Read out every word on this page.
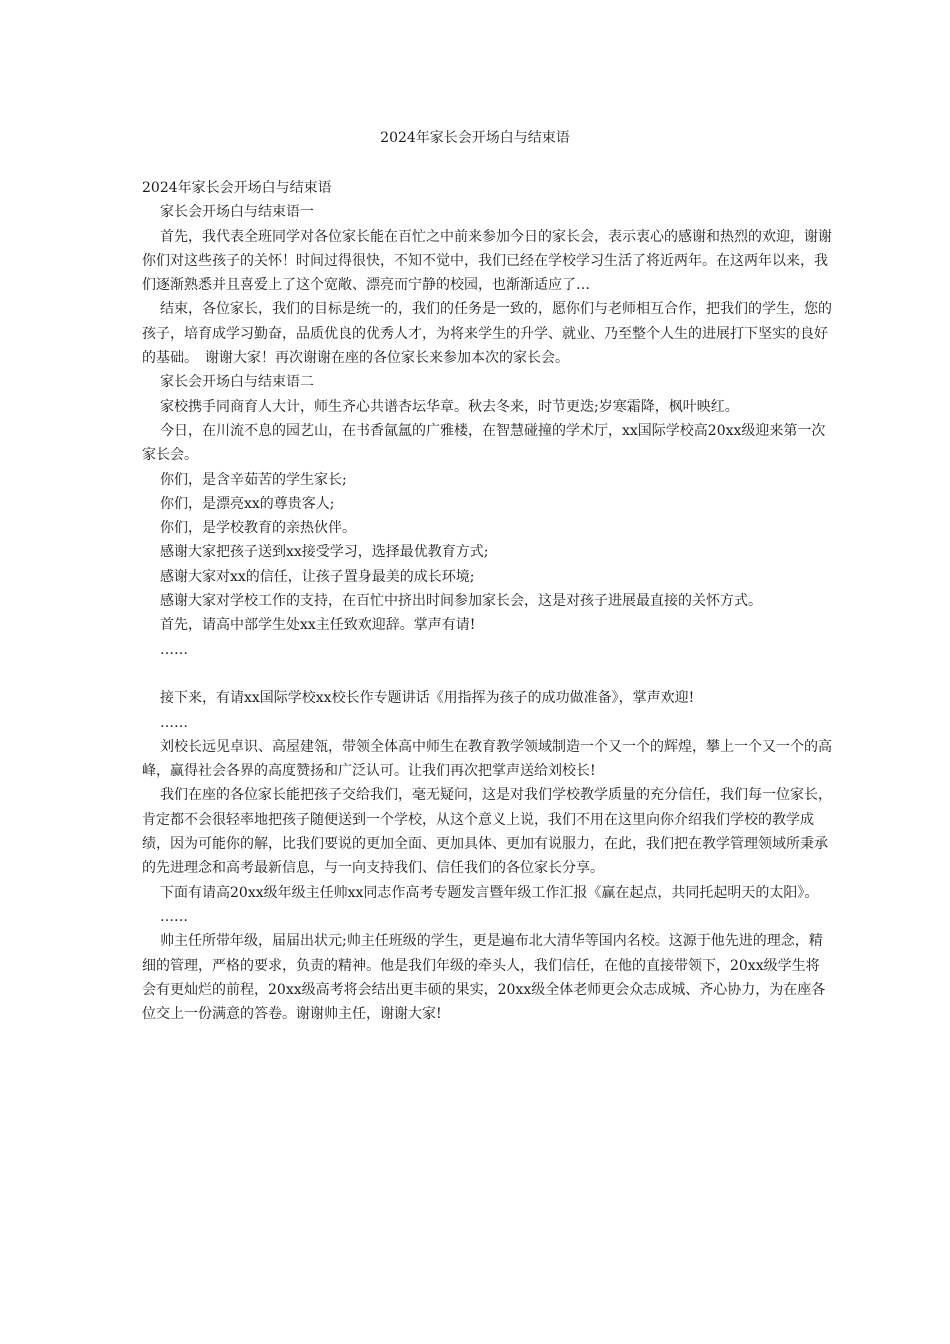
2024年家长会开场白与结束语

2024年家长会开场白与结束语

家长会开场白与结束语一

首先，我代表全班同学对各位家长能在百忙之中前来参加今日的家长会，表示衷心的感谢和热烈的欢迎，谢谢你们对这些孩子的关怀！时间过得很快，不知不觉中，我们已经在学校学习生活了将近两年。在这两年以来，我们逐渐熟悉并且喜爱上了这个宽敞、漂亮而宁静的校园，也渐渐适应了…

结束，各位家长，我们的目标是统一的，我们的任务是一致的，愿你们与老师相互合作，把我们的学生，您的孩子，培育成学习勤奋，品质优良的优秀人才，为将来学生的升学、就业、乃至整个人生的进展打下坚实的良好的基础。　谢谢大家！再次谢谢在座的各位家长来参加本次的家长会。

家长会开场白与结束语二

家校携手同商育人大计，师生齐心共谱杏坛华章。秋去冬来，时节更迭;岁寒霜降，枫叶映红。

今日，在川流不息的园艺山，在书香氤氲的广雅楼，在智慧碰撞的学术厅，xx国际学校高20xx级迎来第一次家长会。

你们，是含辛茹苦的学生家长;

你们，是漂亮xx的尊贵客人;

你们，是学校教育的亲热伙伴。

感谢大家把孩子送到xx接受学习，选择最优教育方式;

感谢大家对xx的信任，让孩子置身最美的成长环境;

感谢大家对学校工作的支持，在百忙中挤出时间参加家长会，这是对孩子进展最直接的关怀方式。

首先，请高中部学生处xx主任致欢迎辞。掌声有请!

……

接下来，有请xx国际学校xx校长作专题讲话《用指挥为孩子的成功做准备》，掌声欢迎!

……

刘校长远见卓识、高屋建瓴，带领全体高中师生在教育教学领域制造一个又一个的辉煌，攀上一个又一个的高峰，赢得社会各界的高度赞扬和广泛认可。让我们再次把掌声送给刘校长!

我们在座的各位家长能把孩子交给我们，毫无疑问，这是对我们学校教学质量的充分信任，我们每一位家长，肯定都不会很轻率地把孩子随便送到一个学校，从这个意义上说，我们不用在这里向你介绍我们学校的教学成绩，因为可能你的解，比我们要说的更加全面、更加具体、更加有说服力，在此，我们把在教学管理领域所秉承的先进理念和高考最新信息，与一向支持我们、信任我们的各位家长分享。

下面有请高20xx级年级主任帅xx同志作高考专题发言暨年级工作汇报《赢在起点，共同托起明天的太阳》。

……

帅主任所带年级，届届出状元;帅主任班级的学生，更是遍布北大清华等国内名校。这源于他先进的理念，精细的管理，严格的要求，负责的精神。他是我们年级的牵头人，我们信任，在他的直接带领下，20xx级学生将会有更灿烂的前程，20xx级高考将会结出更丰硕的果实，20xx级全体老师更会众志成城、齐心协力，为在座各位交上一份满意的答卷。谢谢帅主任，谢谢大家!
